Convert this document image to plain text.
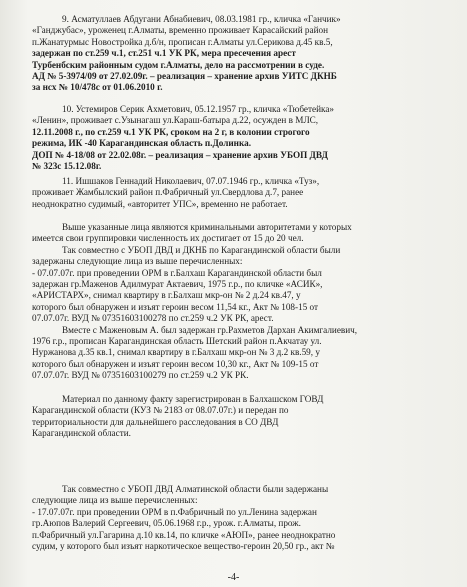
9. Асматуллаев Абдугани Абнабиевич, 08.03.1981 гр., кличка «Ганчик»
«Ганджубас», уроженец г.Алматы, временно проживает Карасайский район
п.Жанатурмыс Новостройка д.б/н, прописан г.Алматы ул.Серикова д.45 кв.5,
задержан по ст.259 ч.1, ст.251 ч.1 УК РК, мера пресечения арест
Турбенбским районным судом г.Алматы, дело на рассмотрении в суде.
АД № 5-3974/09 от 27.02.09г. – реализация – хранение архив УИТС ДКНБ
за нсх № 10/478с от 01.06.2010 г.
10. Устемиров Серик Ахметович, 05.12.1957 гр., кличка «Тюбетейка»
«Ленин», проживает с.Узынагаш ул.Караш-батыра д.22, осужден в МЛС,
12.11.2008 г., по ст.259 ч.1 УК РК, сроком на 2 г, в колонии строгого
режима, ИК -40 Карагандинская область п.Долинка.
ДОП № 4-18/08 от 22.02.08г. – реализация – хранение архив УБОП ДВД
№ 323с 15.12.08г.
11. Ишшаков Геннадий Николаевич, 07.07.1946 гр., кличка «Туз»,
проживает Жамбылский район п.Фабричный ул.Свердлова д.7, ранее
неоднократно судимый, «авторитет УПС», временно не работает.
Выше указанные лица являются криминальными авторитетами у которых
имеется свои группировки численность их достигает от 15 до 20 чел.
Так совместно с УБОП ДВД и ДКНБ по Карагандинской области были
задержаны следующие лица из выше перечисленных:
- 07.07.07г. при проведении ОРМ в г.Балхаш Карагандинской области был
задержан гр.Маженов Адилмурат Актаевич, 1975 г.р., по кличке «АСИК»,
«АРИСТАРХ», снимал квартиру в г.Балхаш мкр-он № 2 д.24 кв.47, у
которого был обнаружен и изъят героин весом 11,54 кг., Акт № 108-15 от
07.07.07г. ВУД № 07351603100278 по ст.259 ч.2 УК РК, арест.
Вместе с Маженовым А. был задержан гр.Рахметов Дархан Акимгалиевич,
1976 г.р., прописан Карагандинская область Шетский район п.Акчатау ул.
Нуржанова д.35 кв.1, снимал квартиру в г.Балхаш мкр-он № 3 д.2 кв.59, у
которого был обнаружен и изъят героин весом 10,30 кг., Акт № 109-15 от
07.07.07г. ВУД № 07351603100279 по ст.259 ч.2 УК РК.
Материал по данному факту зарегистрирован в Балхашском ГОВД
Карагандинской области (КУЗ № 2183 от 08.07.07г.) и передан по
территориальности для дальнейшего расследования в СО ДВД
Карагандинской области.
Так совместно с УБОП ДВД Алматинской области были задержаны
следующие лица из выше перечисленных:
- 17.07.07г. при проведении ОРМ в п.Фабричный по ул.Ленина задержан
гр.Аюпов Валерий Сергеевич, 05.06.1968 г.р., урож. г.Алматы, прож.
п.Фабричный ул.Гагарина д.10 кв.14, по кличке «АЮП», ранее неоднократно
судим, у которого был изъят наркотическое вещество-героин 20,50 гр., акт №
-4-
